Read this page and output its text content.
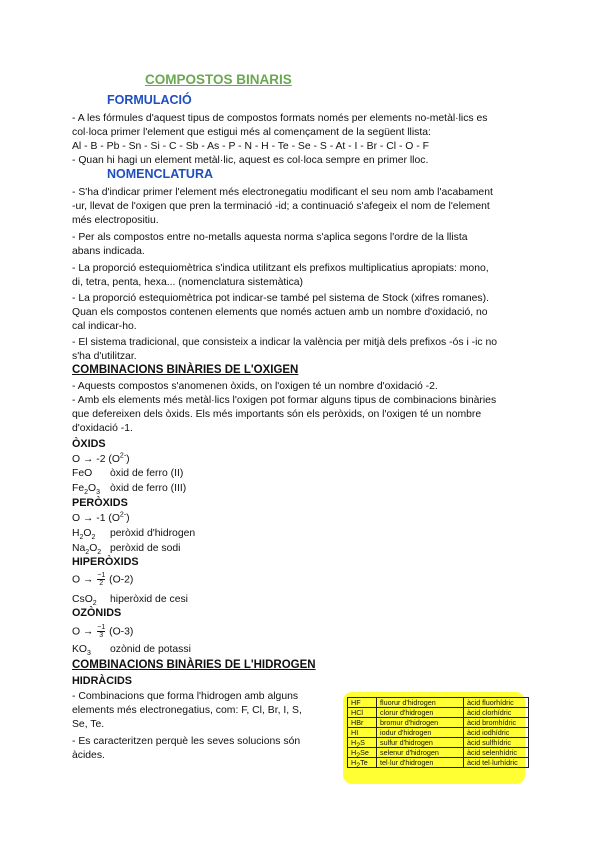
COMPOSTOS BINARIS
FORMULACIÓ
- A les fórmules d'aquest tipus de compostos formats només per elements no-metàl·lics es
col·loca primer l'element que estigui més al començament de la següent llista:
Al - B - Pb - Sn - Si - C - Sb - As - P - N - H - Te - Se - S - At - I - Br - Cl - O - F
- Quan hi hagi un element metàl·lic, aquest es col·loca sempre en primer lloc.
NOMENCLATURA
- S'ha d'indicar primer l'element més electronegatiu modificant el seu nom amb l'acabament
-ur, llevat de l'oxigen que pren la terminació -id; a continuació s'afegeix el nom de l'element
més electropositiu.
- Per als compostos entre no-metalls aquesta norma s'aplica segons l'ordre de la llista
abans indicada.
- La proporció estequiomètrica s'indica utilitzant els prefixos multiplicatius apropiats: mono,
di, tetra, penta, hexa... (nomenclatura sistemàtica)
- La proporció estequiomètrica pot indicar-se també pel sistema de Stock (xifres romanes).
Quan els compostos contenen elements que només actuen amb un nombre d'oxidació, no
cal indicar-ho.
- El sistema tradicional, que consisteix a indicar la valència per mitjà dels prefixos -ós i -ic no
s'ha d'utilitzar.
COMBINACIONS BINÀRIES DE L'OXIGEN
- Aquests compostos s'anomenen òxids, on l'oxigen té un nombre d'oxidació -2.
- Amb els elements més metàl·lics l'oxigen pot formar alguns tipus de combinacions binàries
que defereixen dels òxids. Els més importants són els peròxids, on l'oxigen té un nombre
d'oxidació -1.
ÒXIDS
O → -2 $(O^{2-})$
FeO òxid de ferro (II)
$Fe_2O_3$ òxid de ferro (III)
PERÒXIDS
O → -1 $(O^{2-})$
$H_2O_2$ peròxid d'hidrogen
$Na_2O_2$ peròxid de sodi
HIPERÒXIDS
$O \to \frac{-1}{2} (O-2)$
CsO$_2$ hiperòxid de cesi
OZÒNIDS
$O \to \frac{-1}{3} (O-3)$
$KO_3$ ozònid de potassi
COMBINACIONS BINÀRIES DE L'HIDROGEN
HIDRÀCIDS
- Combinacions que forma l'hidrogen amb alguns
elements més electronegatius, com: F, Cl, Br, I, S,
Se, Te.
- Es caracteritzen perquè les seves solucions són
àcides.
HF	fluorur d'hidrogen	àcid fluorhídric
HCl	clorur d'hidrogen	àcid clorhídric
HBr	bromur d'hidrogen	àcid bromhídric
HI	iodur d'hidrogen	àcid iodhídric
$H_2S$	sulfur d'hidrogen	àcid sulfhídric
$H_2Se$	selenur d'hidrogen	àcid selenhídric
$H_2Te$	tel·lur d'hidrogen	àcid tel·lurhídric
